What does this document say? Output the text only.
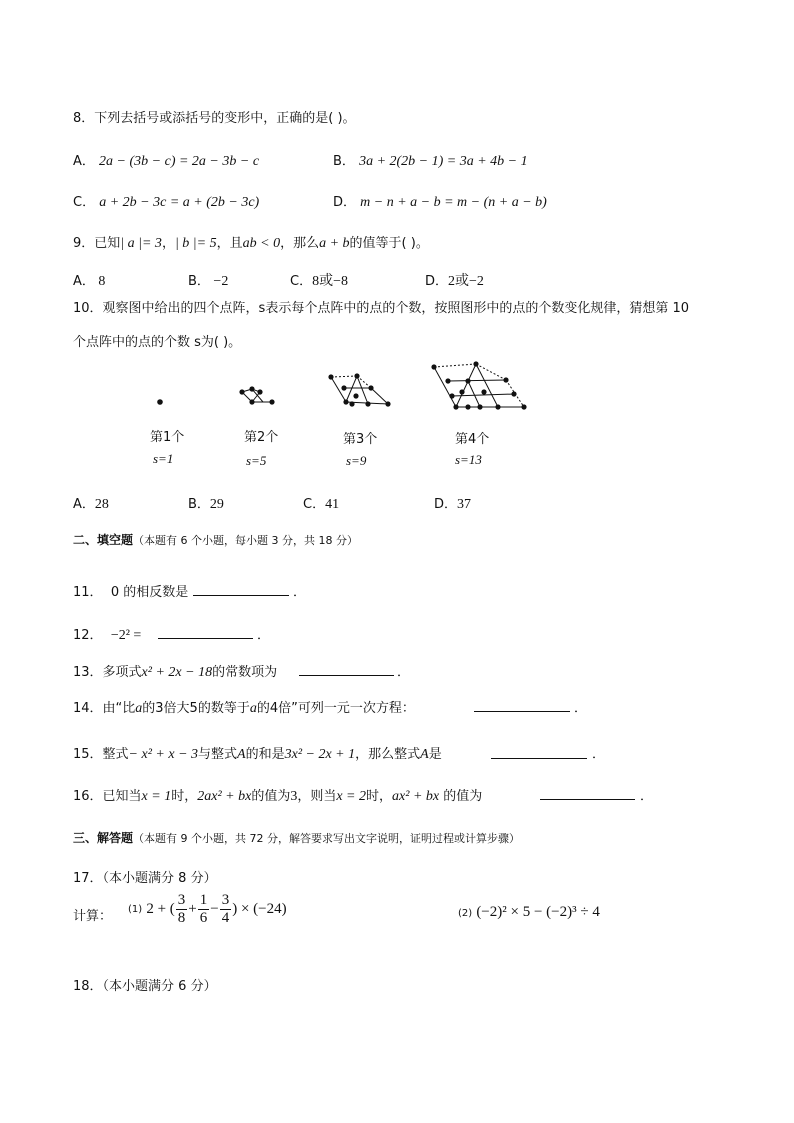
8．下列去括号或添括号的变形中，正确的是( )。
A． 2a − (3b − c) = 2a − 3b − c	B． 3a + 2(2b − 1) = 3a + 4b − 1
C． a + 2b − 3c = a + (2b − 3c)	D． m − n + a − b = m − (n + a − b)
9．已知| a |= 3，| b |= 5，且ab < 0，那么a + b的值等于( )。
A． 8	B． −2	C．8或−8	D．2或−2
10．观察图中给出的四个点阵，s表示每个点阵中的点的个数，按照图形中的点的个数变化规律，猜想第 10
个点阵中的点的个数 s为( )。
第1个
s=1
第2个
s=5
第3个
s=9
第4个
s=13
A．28	B．29	C．41	D．37
二、填空题（本题有 6 个小题，每小题 3 分，共 18 分）
11． 0 的相反数是	．
12． −2² =	．
13．多项式x² + 2x − 18的常数项为	．
14．由“比a的3倍大5的数等于a的4倍”可列一元一次方程：	．
15．整式− x² + x − 3与整式A的和是3x² − 2x + 1，那么整式A是	．
16．已知当x = 1时，2ax² + bx的值为3，则当x = 2时，ax² + bx 的值为	．
三、解答题（本题有 9 个小题，共 72 分，解答要求写出文字说明，证明过程或计算步骤）
17．（本小题满分 8 分）
计算： (1) 2 + ( $\frac{3}{8} + \frac{1}{6} - \frac{3}{4}$ ) × (−24)	(2) (−2)² × 5 − (−2)³ ÷ 4
18．（本小题满分 6 分）
